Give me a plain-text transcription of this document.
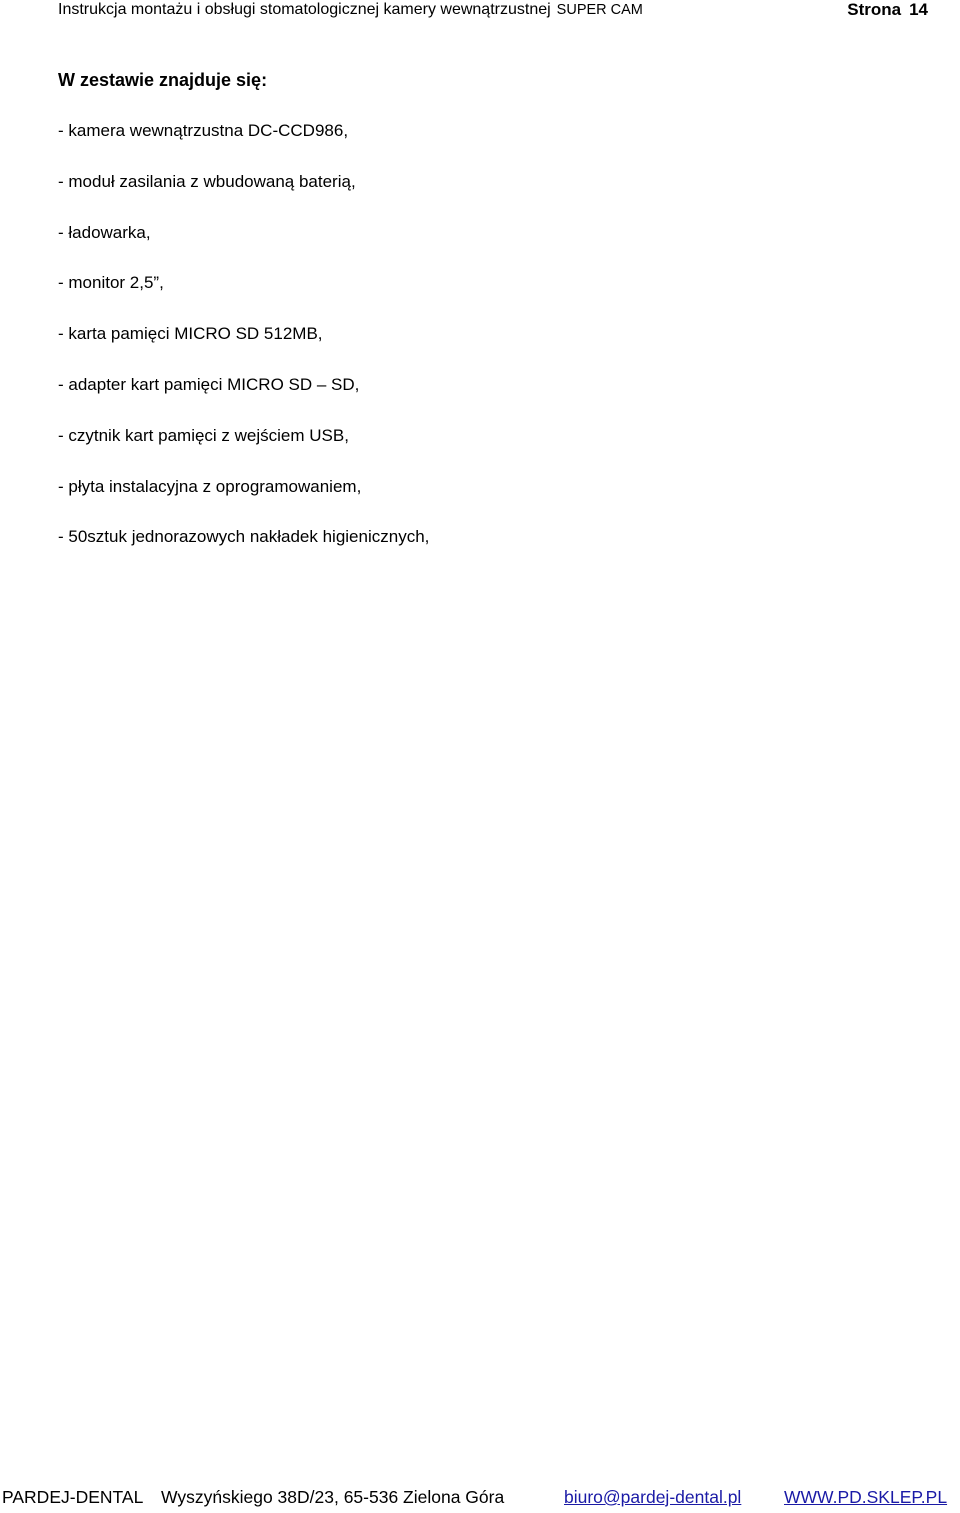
Instrukcja montażu i obsługi stomatologicznej kamery wewnątrzustnej SUPER CAM	Strona 14
W zestawie znajduje się:
- kamera wewnątrzustna DC-CCD986,
- moduł zasilania z wbudowaną baterią,
- ładowarka,
- monitor 2,5”,
- karta pamięci MICRO SD 512MB,
- adapter kart pamięci MICRO SD – SD,
- czytnik kart pamięci z wejściem USB,
- płyta instalacyjna z oprogramowaniem,
- 50sztuk jednorazowych nakładek higienicznych,
PARDEJ-DENTAL Wyszyńskiego 38D/23, 65-536 Zielona Góra	biuro@pardej-dental.pl WWW.PD.SKLEP.PL
